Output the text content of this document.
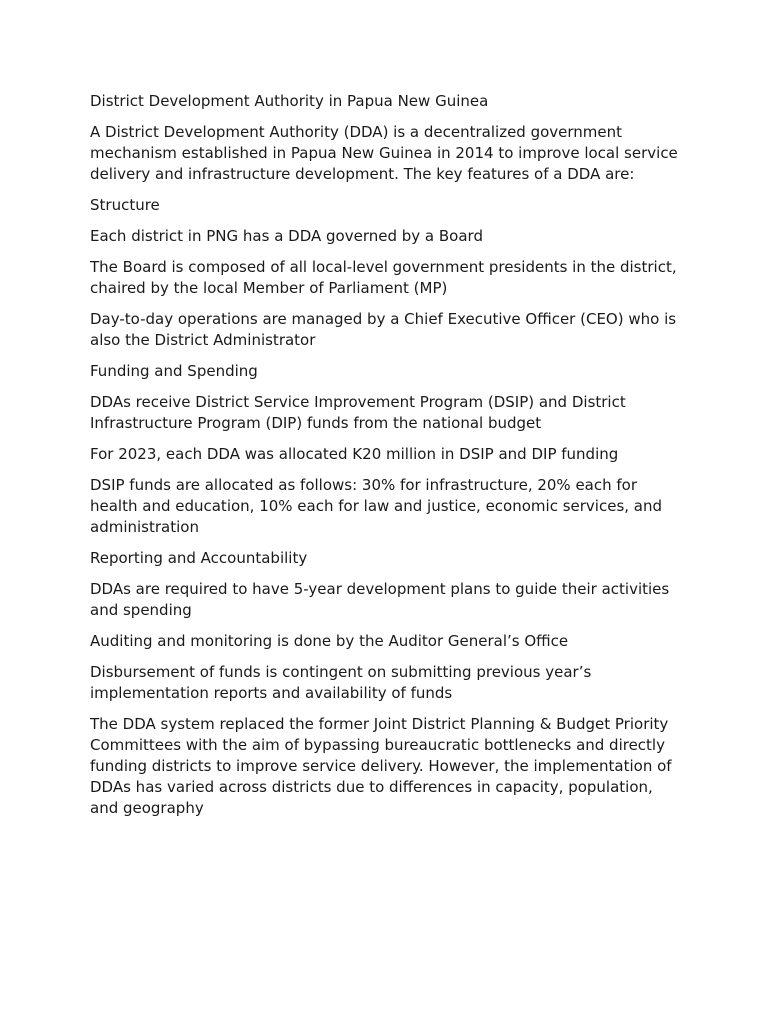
District Development Authority in Papua New Guinea

A District Development Authority (DDA) is a decentralized government mechanism established in Papua New Guinea in 2014 to improve local service delivery and infrastructure development. The key features of a DDA are:

Structure

Each district in PNG has a DDA governed by a Board

The Board is composed of all local-level government presidents in the district, chaired by the local Member of Parliament (MP)

Day-to-day operations are managed by a Chief Executive Officer (CEO) who is also the District Administrator

Funding and Spending

DDAs receive District Service Improvement Program (DSIP) and District Infrastructure Program (DIP) funds from the national budget

For 2023, each DDA was allocated K20 million in DSIP and DIP funding

DSIP funds are allocated as follows: 30% for infrastructure, 20% each for health and education, 10% each for law and justice, economic services, and administration

Reporting and Accountability

DDAs are required to have 5-year development plans to guide their activities and spending

Auditing and monitoring is done by the Auditor General’s Office

Disbursement of funds is contingent on submitting previous year’s implementation reports and availability of funds

The DDA system replaced the former Joint District Planning & Budget Priority Committees with the aim of bypassing bureaucratic bottlenecks and directly funding districts to improve service delivery. However, the implementation of DDAs has varied across districts due to differences in capacity, population, and geography
